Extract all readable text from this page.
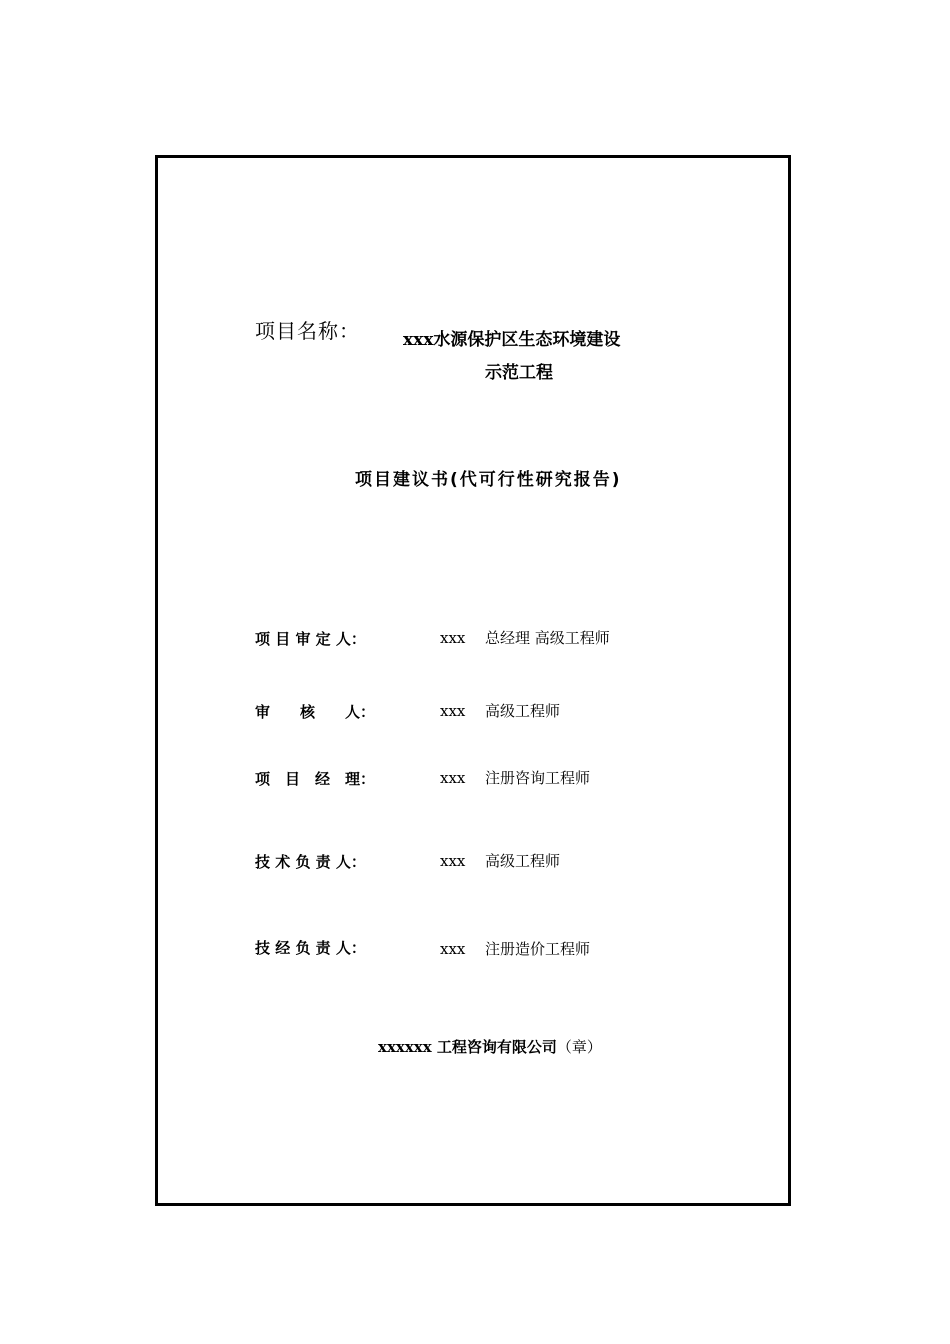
项目名称：	xxx水源保护区生态环境建设
示范工程
项目建议书(代可行性研究报告)
项 目 审 定 人：	xxx 总经理 高级工程师
审　　核　　人：	xxx 高级工程师
项　目　经　理：	xxx 注册咨询工程师
技 术 负 责 人：	xxx 高级工程师
技 经 负 责 人：	xxx 注册造价工程师
xxxxxx 工程咨询有限公司（章）
